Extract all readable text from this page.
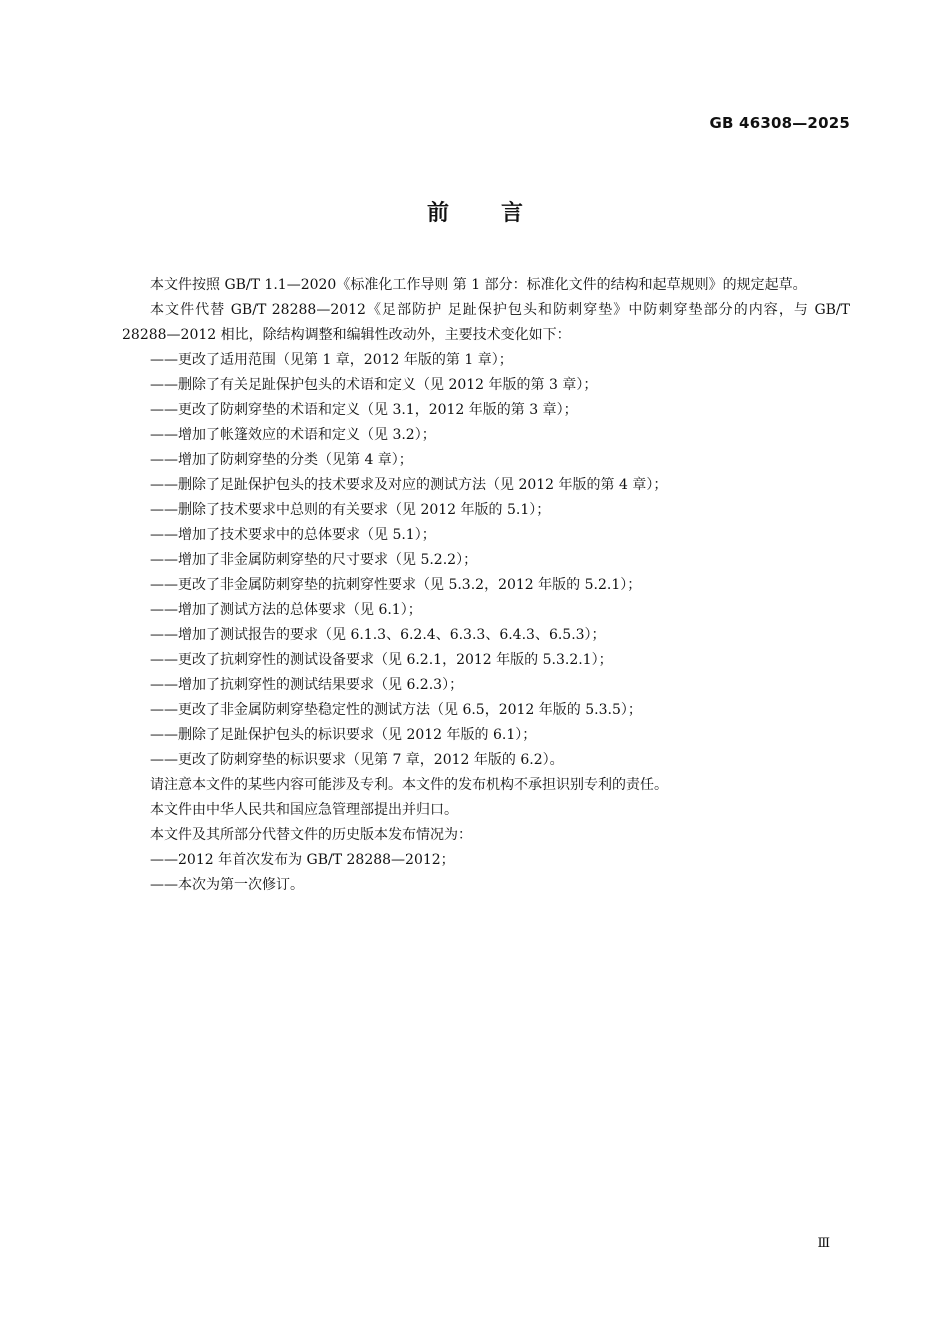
GB 46308—2025
前言

本文件按照 GB/T 1.1—2020《标准化工作导则 第 1 部分：标准化文件的结构和起草规则》的规定起草。

本文件代替 GB/T 28288—2012《足部防护 足趾保护包头和防刺穿垫》中防刺穿垫部分的内容，与 GB/T 28288—2012 相比，除结构调整和编辑性改动外，主要技术变化如下：

——更改了适用范围（见第 1 章，2012 年版的第 1 章）；

——删除了有关足趾保护包头的术语和定义（见 2012 年版的第 3 章）；

——更改了防刺穿垫的术语和定义（见 3.1，2012 年版的第 3 章）；

——增加了帐篷效应的术语和定义（见 3.2）；

——增加了防刺穿垫的分类（见第 4 章）；

——删除了足趾保护包头的技术要求及对应的测试方法（见 2012 年版的第 4 章）；

——删除了技术要求中总则的有关要求（见 2012 年版的 5.1）；

——增加了技术要求中的总体要求（见 5.1）；

——增加了非金属防刺穿垫的尺寸要求（见 5.2.2）；

——更改了非金属防刺穿垫的抗刺穿性要求（见 5.3.2，2012 年版的 5.2.1）；

——增加了测试方法的总体要求（见 6.1）；

——增加了测试报告的要求（见 6.1.3、6.2.4、6.3.3、6.4.3、6.5.3）；

——更改了抗刺穿性的测试设备要求（见 6.2.1，2012 年版的 5.3.2.1）；

——增加了抗刺穿性的测试结果要求（见 6.2.3）；

——更改了非金属防刺穿垫稳定性的测试方法（见 6.5，2012 年版的 5.3.5）；

——删除了足趾保护包头的标识要求（见 2012 年版的 6.1）；

——更改了防刺穿垫的标识要求（见第 7 章，2012 年版的 6.2）。

请注意本文件的某些内容可能涉及专利。本文件的发布机构不承担识别专利的责任。

本文件由中华人民共和国应急管理部提出并归口。

本文件及其所部分代替文件的历史版本发布情况为：

——2012 年首次发布为 GB/T 28288—2012；

——本次为第一次修订。

Ⅲ
